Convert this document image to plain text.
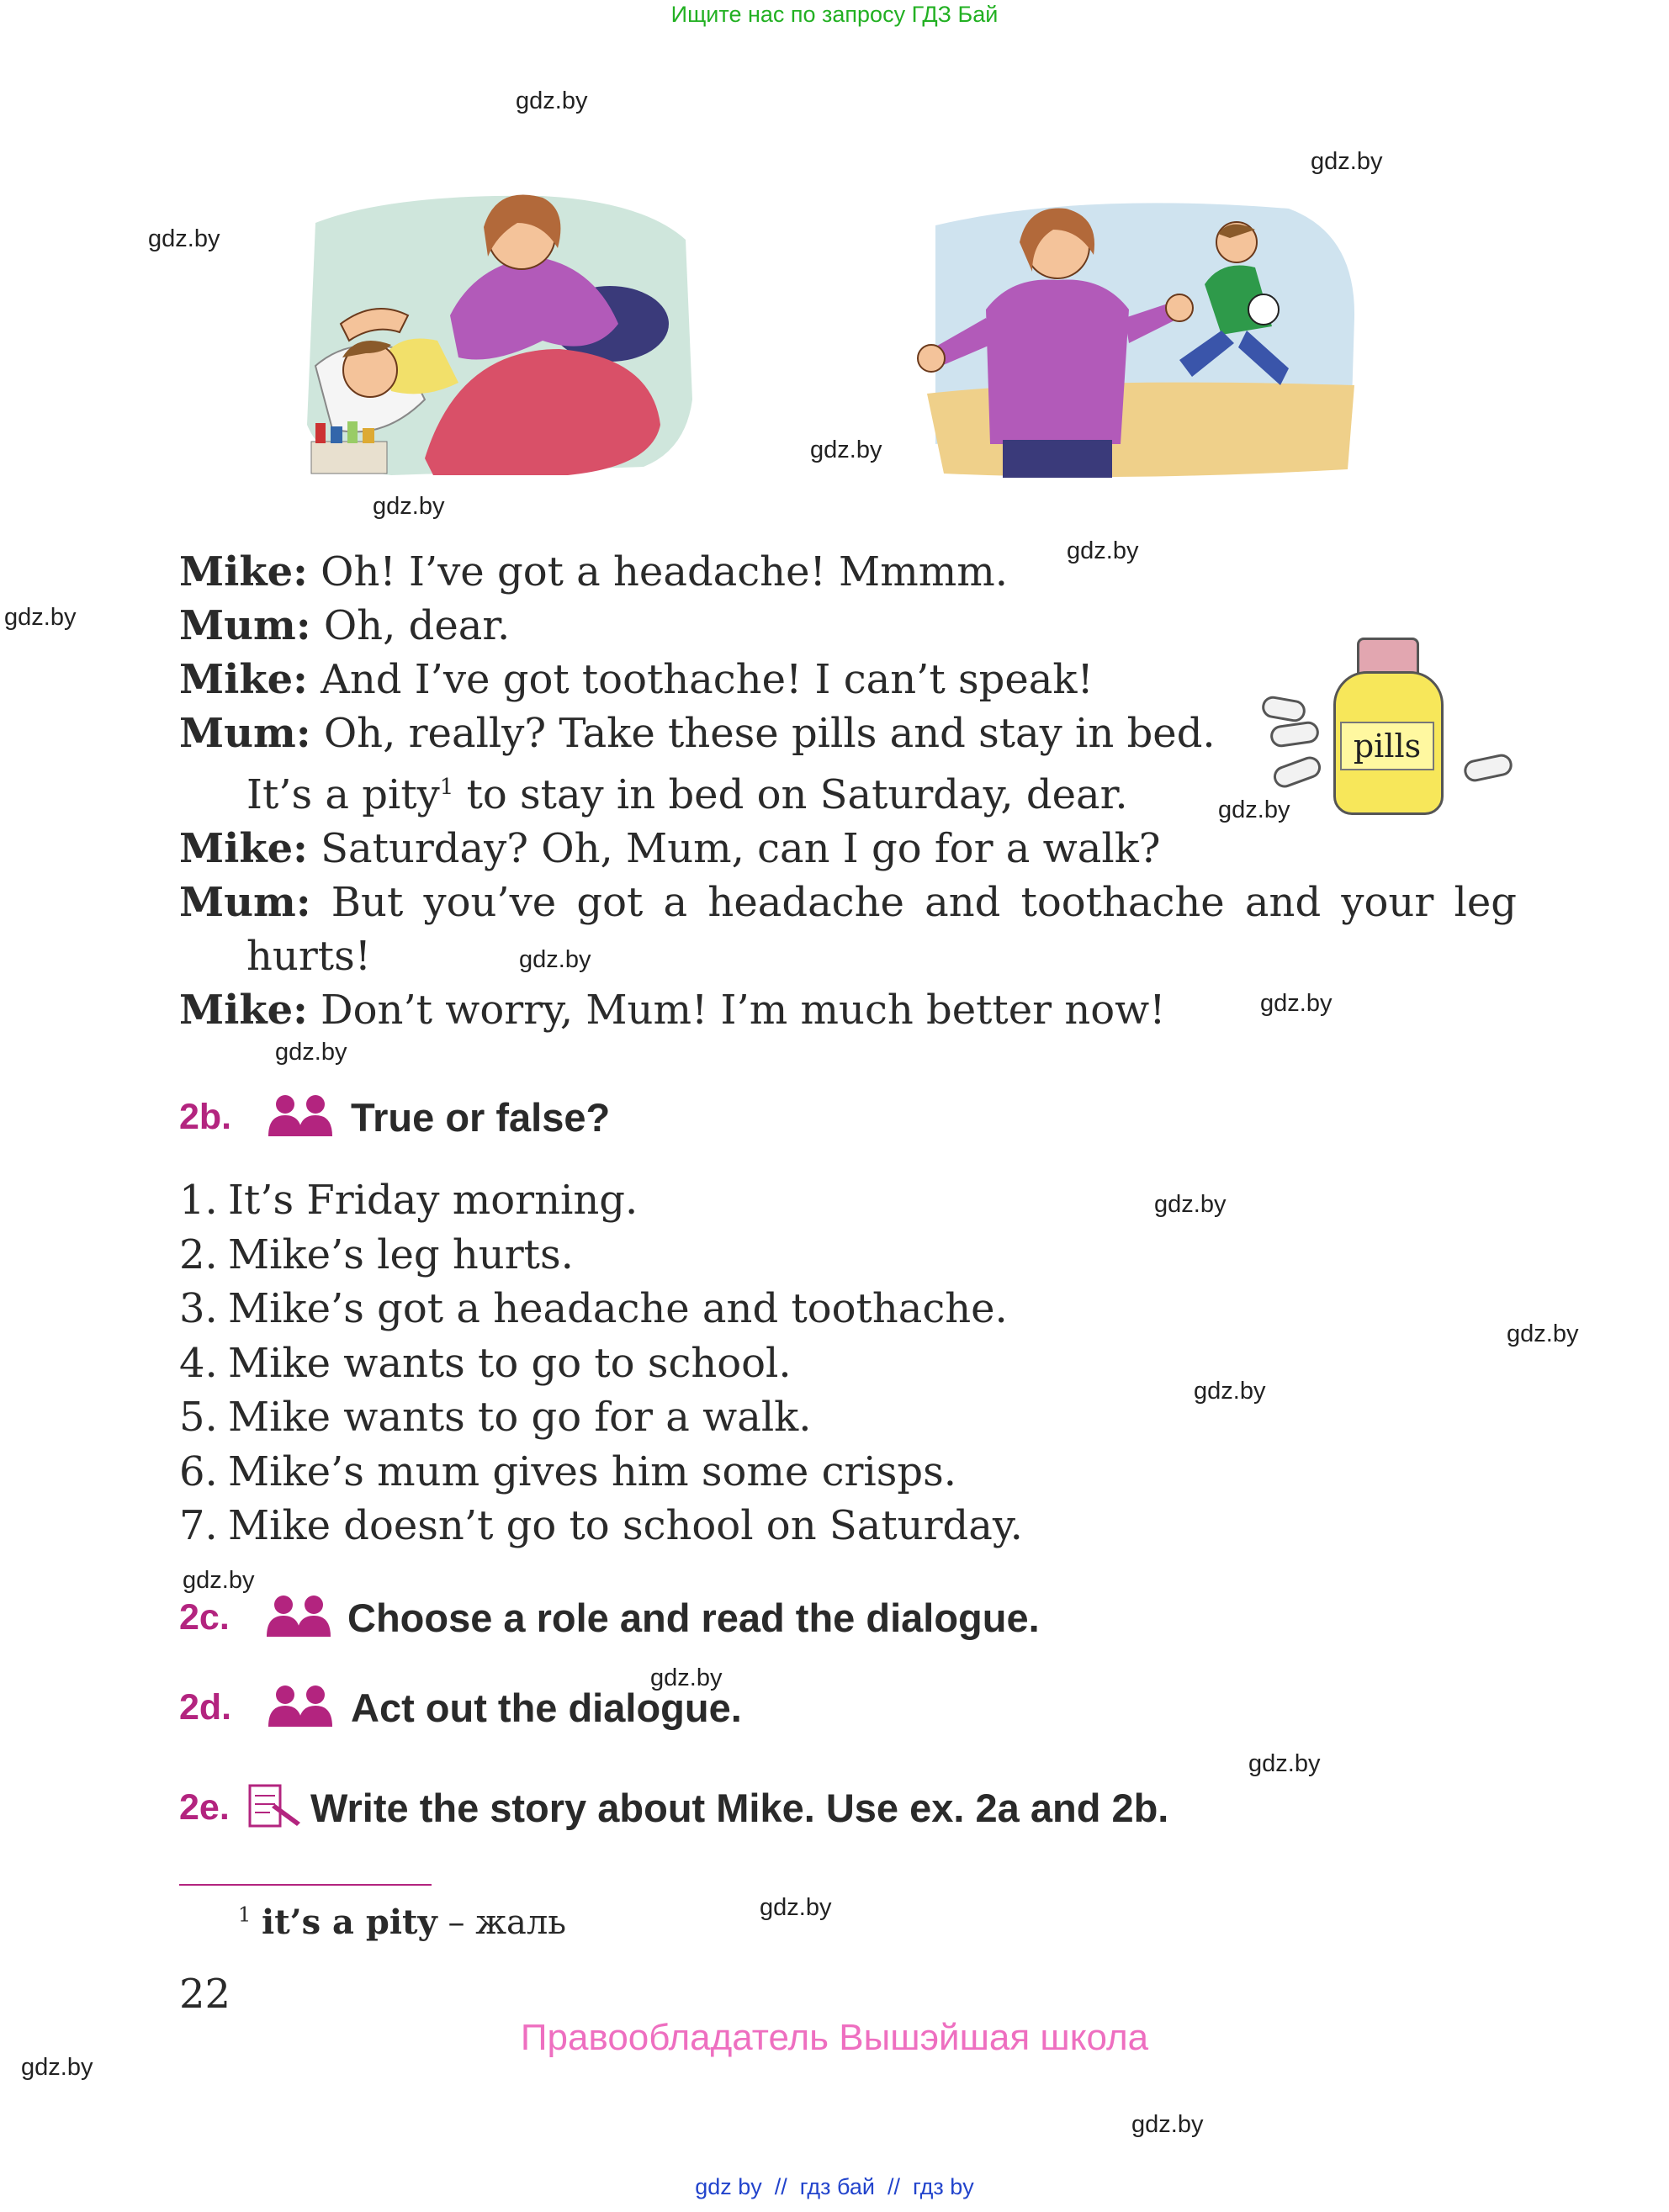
Ищите нас по запросу ГДЗ Бай
gdz.by
gdz.by
gdz.by
gdz.by
gdz.by
gdz.by
gdz.by
gdz.by
gdz.by
gdz.by
gdz.by
gdz.by
gdz.by
gdz.by
gdz.by
gdz.by
gdz.by
gdz.by
gdz.by
gdz.by
Mike: Oh! I’ve got a headache! Mmmm.
Mum: Oh, dear.
Mike: And I’ve got toothache! I can’t speak!
Mum: Oh, really? Take these pills and stay in bed.
It’s a pity$^1$ to stay in bed on Saturday, dear.
Mike: Saturday? Oh, Mum, can I go for a walk?
Mum: But you’ve got a headache and toothache and your leg
hurts!
Mike: Don’t worry, Mum! I’m much better now!
pills
2b.	True or false?
1. It’s Friday morning.
2. Mike’s leg hurts.
3. Mike’s got a headache and toothache.
4. Mike wants to go to school.
5. Mike wants to go for a walk.
6. Mike’s mum gives him some crisps.
7. Mike doesn’t go to school on Saturday.
2c.	Choose a role and read the dialogue.
2d.	Act out the dialogue.
2e.	Write the story about Mike. Use ex. 2a and 2b.
$^1$ it’s a pity – жаль
22
Правообладатель Вышэйшая школа
gdz by  //  гдз бай  //  гдз by
